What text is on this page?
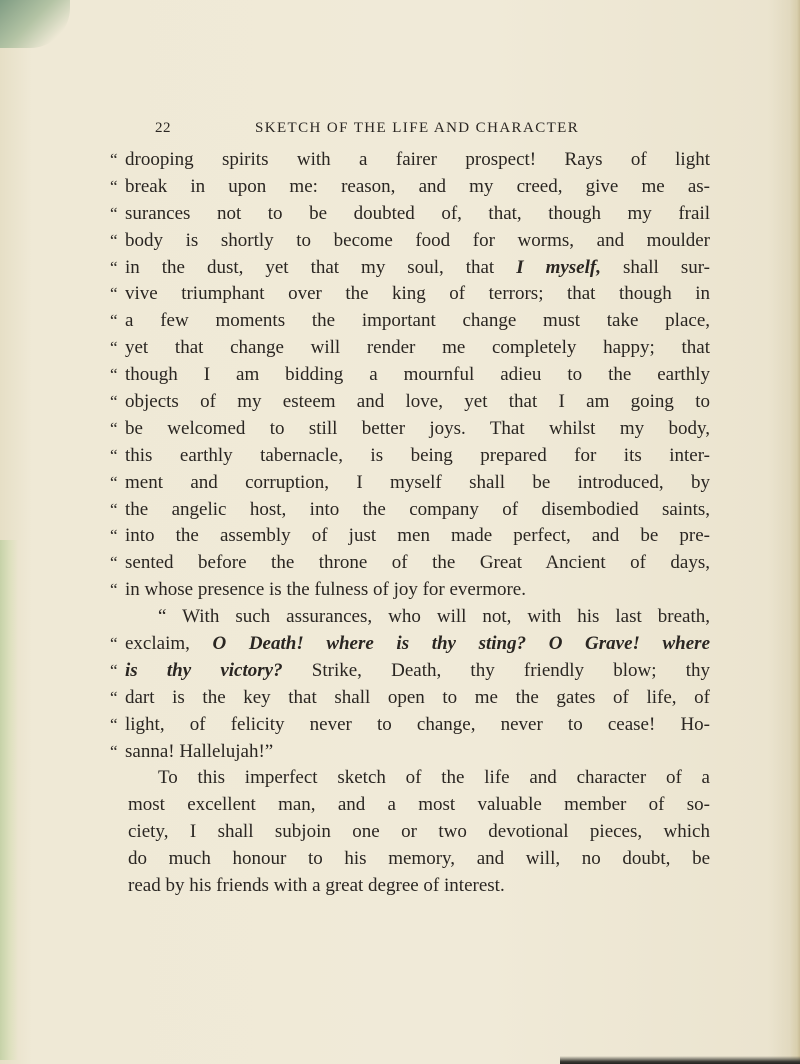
22	SKETCH OF THE LIFE AND CHARACTER
“ drooping spirits with a fairer prospect! Rays of light
“ break in upon me: reason, and my creed, give me as-
“ surances not to be doubted of, that, though my frail
“ body is shortly to become food for worms, and moulder
“ in the dust, yet that my soul, that I myself, shall sur-
“ vive triumphant over the king of terrors; that though in
“ a few moments the important change must take place,
“ yet that change will render me completely happy; that
“ though I am bidding a mournful adieu to the earthly
“ objects of my esteem and love, yet that I am going to
“ be welcomed to still better joys. That whilst my body,
“ this earthly tabernacle, is being prepared for its inter-
“ ment and corruption, I myself shall be introduced, by
“ the angelic host, into the company of disembodied saints,
“ into the assembly of just men made perfect, and be pre-
“ sented before the throne of the Great Ancient of days,
“ in whose presence is the fulness of joy for evermore.
“ With such assurances, who will not, with his last breath,
“ exclaim, O Death! where is thy sting? O Grave! where
“ is thy victory? Strike, Death, thy friendly blow; thy
“ dart is the key that shall open to me the gates of life, of
“ light, of felicity never to change, never to cease! Ho-
“ sanna! Hallelujah!”
To this imperfect sketch of the life and character of a
most excellent man, and a most valuable member of so-
ciety, I shall subjoin one or two devotional pieces, which
do much honour to his memory, and will, no doubt, be
read by his friends with a great degree of interest.
